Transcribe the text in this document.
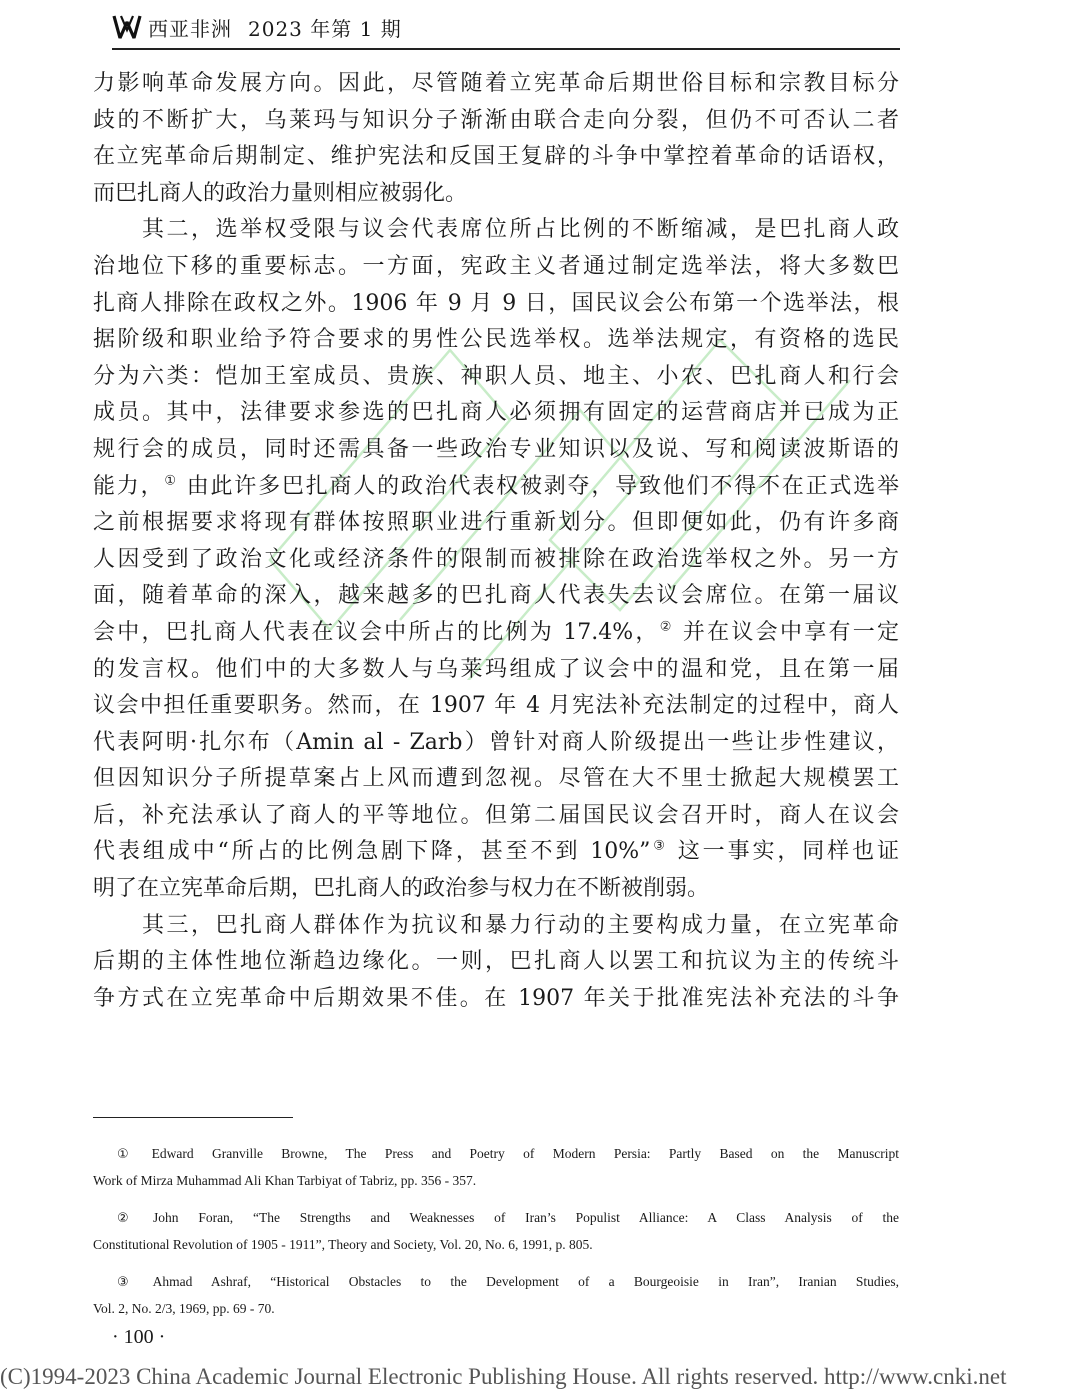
西亚非洲 2023 年第 1 期
力影响革命发展方向。因此，尽管随着立宪革命后期世俗目标和宗教目标分
歧的不断扩大，乌莱玛与知识分子渐渐由联合走向分裂，但仍不可否认二者
在立宪革命后期制定、维护宪法和反国王复辟的斗争中掌控着革命的话语权，
而巴扎商人的政治力量则相应被弱化。
　　其二，选举权受限与议会代表席位所占比例的不断缩减，是巴扎商人政
治地位下移的重要标志。一方面，宪政主义者通过制定选举法，将大多数巴
扎商人排除在政权之外。1906 年 9 月 9 日，国民议会公布第一个选举法，根
据阶级和职业给予符合要求的男性公民选举权。选举法规定，有资格的选民
分为六类：恺加王室成员、贵族、神职人员、地主、小农、巴扎商人和行会
成员。其中，法律要求参选的巴扎商人必须拥有固定的运营商店并已成为正
规行会的成员，同时还需具备一些政治专业知识以及说、写和阅读波斯语的
能力，① 由此许多巴扎商人的政治代表权被剥夺，导致他们不得不在正式选举
之前根据要求将现有群体按照职业进行重新划分。但即便如此，仍有许多商
人因受到了政治文化或经济条件的限制而被排除在政治选举权之外。另一方
面，随着革命的深入，越来越多的巴扎商人代表失去议会席位。在第一届议
会中，巴扎商人代表在议会中所占的比例为 17.4%，② 并在议会中享有一定
的发言权。他们中的大多数人与乌莱玛组成了议会中的温和党，且在第一届
议会中担任重要职务。然而，在 1907 年 4 月宪法补充法制定的过程中，商人
代表阿明·扎尔布（Amin al - Zarb）曾针对商人阶级提出一些让步性建议，
但因知识分子所提草案占上风而遭到忽视。尽管在大不里士掀起大规模罢工
后，补充法承认了商人的平等地位。但第二届国民议会召开时，商人在议会
代表组成中“所占的比例急剧下降，甚至不到 10%”③ 这一事实，同样也证
明了在立宪革命后期，巴扎商人的政治参与权力在不断被削弱。
　　其三，巴扎商人群体作为抗议和暴力行动的主要构成力量，在立宪革命
后期的主体性地位渐趋边缘化。一则，巴扎商人以罢工和抗议为主的传统斗
争方式在立宪革命中后期效果不佳。在 1907 年关于批准宪法补充法的斗争
① Edward Granville Browne, The Press and Poetry of Modern Persia: Partly Based on the Manuscript
Work of Mirza Muhammad Ali Khan Tarbiyat of Tabriz, pp. 356 - 357.
② John Foran, “The Strengths and Weaknesses of Iran’s Populist Alliance: A Class Analysis of the
Constitutional Revolution of 1905 - 1911”, Theory and Society, Vol. 20, No. 6, 1991, p. 805.
③ Ahmad Ashraf, “Historical Obstacles to the Development of a Bourgeoisie in Iran”, Iranian Studies,
Vol. 2, No. 2/3, 1969, pp. 69 - 70.
· 100 ·
(C)1994-2023 China Academic Journal Electronic Publishing House. All rights reserved. http://www.cnki.net
